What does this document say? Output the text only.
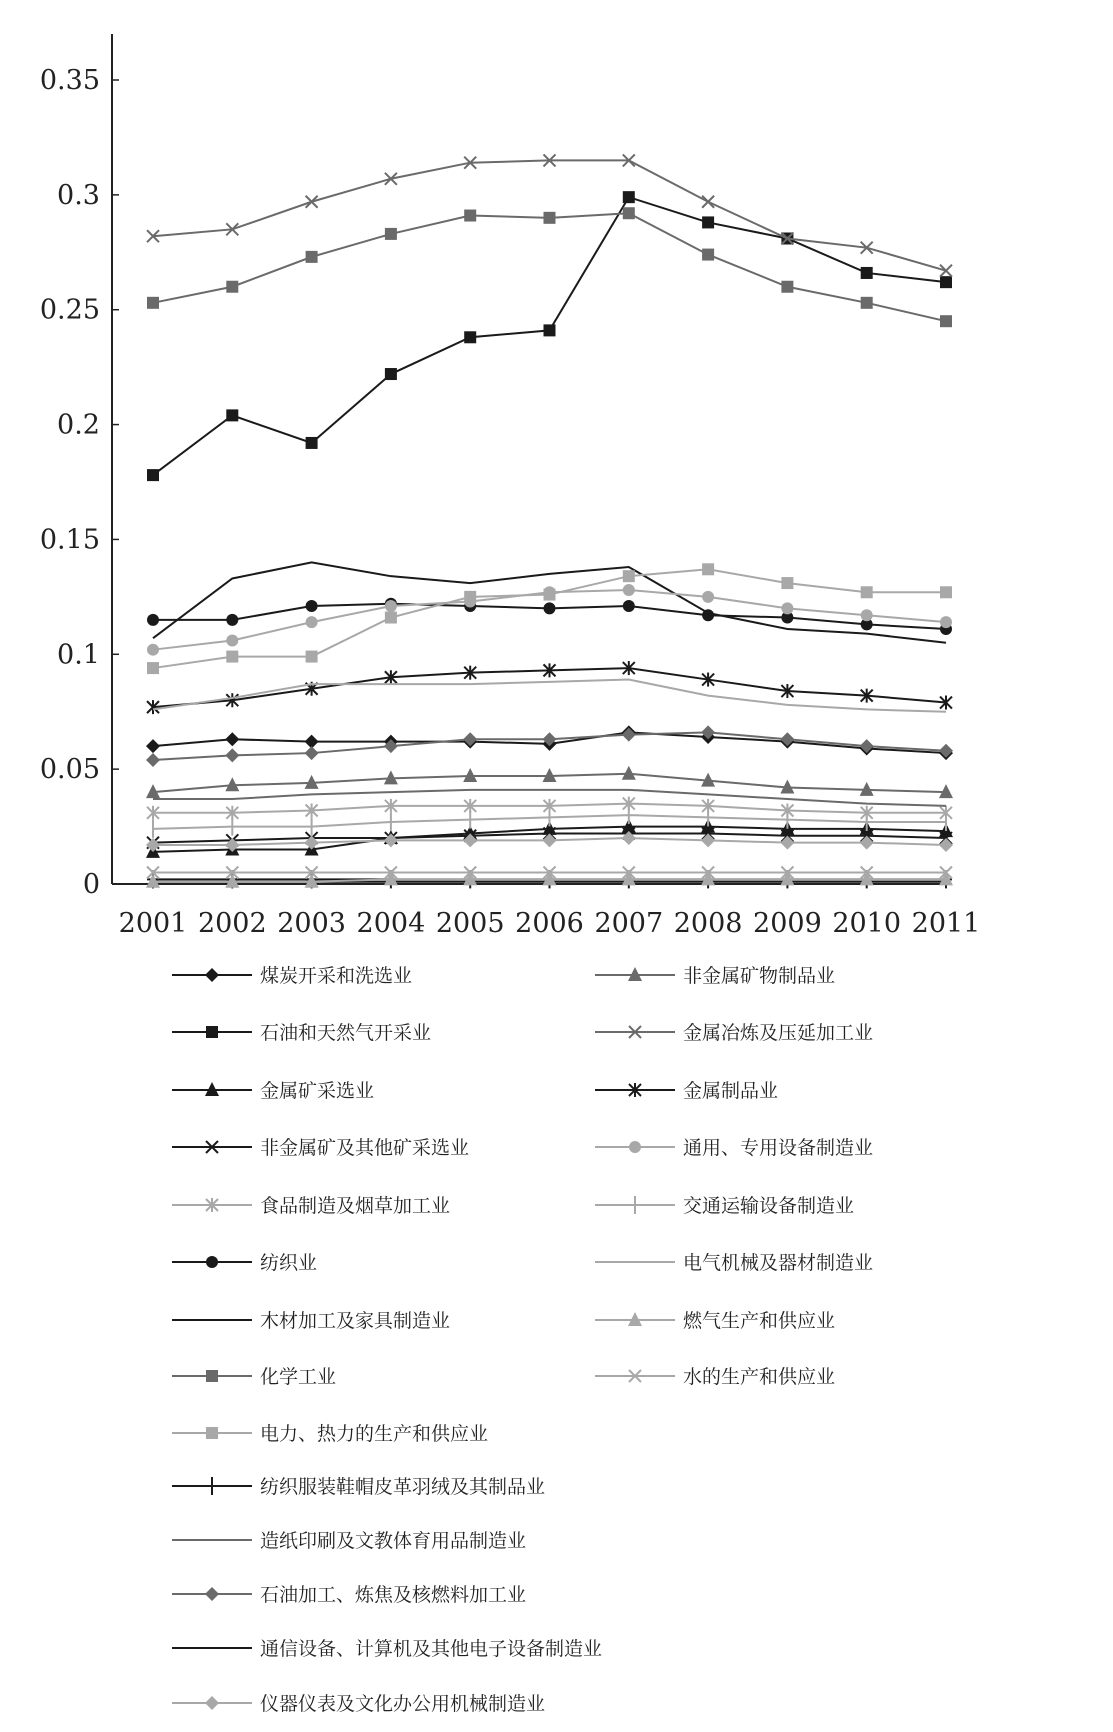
0
0.05
0.1
0.15
0.2
0.25
0.3
0.35
2001 2002 2003 2004 2005 2006 2007 2008 2009 2010 2011
煤炭开采和洗选业
石油和天然气开采业
金属矿采选业
非金属矿及其他矿采选业
食品制造及烟草加工业
纺织业
木材加工及家具制造业
化学工业
电力、热力的生产和供应业
纺织服装鞋帽皮革羽绒及其制品业
造纸印刷及文教体育用品制造业
石油加工、炼焦及核燃料加工业
通信设备、计算机及其他电子设备制造业
仪器仪表及文化办公用机械制造业
非金属矿物制品业
金属冶炼及压延加工业
金属制品业
通用、专用设备制造业
交通运输设备制造业
电气机械及器材制造业
燃气生产和供应业
水的生产和供应业
